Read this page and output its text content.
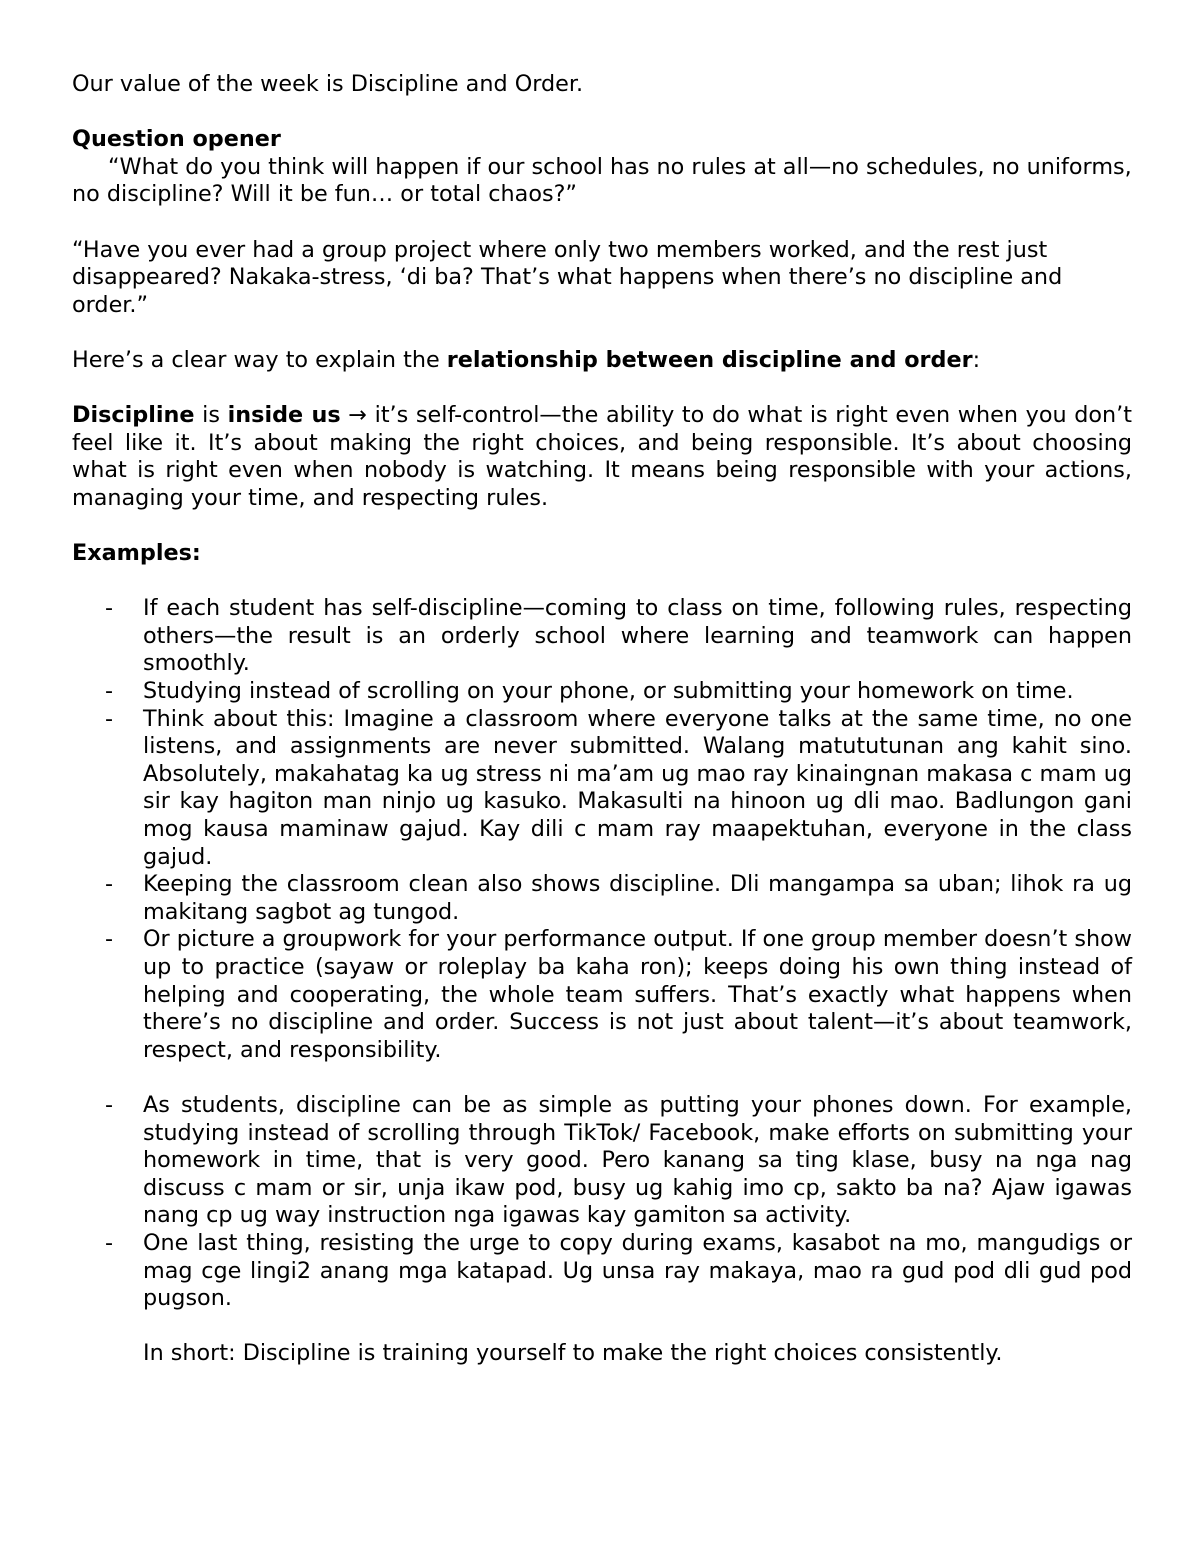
Our value of the week is Discipline and Order.

Question opener

“What do you think will happen if our school has no rules at all—no schedules, no uniforms, no discipline? Will it be fun… or total chaos?”

“Have you ever had a group project where only two members worked, and the rest just disappeared? Nakaka-stress, ‘di ba? That’s what happens when there’s no discipline and order.”

Here’s a clear way to explain the relationship between discipline and order:

Discipline is inside us → it’s self-control—the ability to do what is right even when you don’t feel like it. It’s about making the right choices, and being responsible. It’s about choosing what is right even when nobody is watching. It means being responsible with your actions, managing your time, and respecting rules.

Examples:

- If each student has self-discipline—coming to class on time, following rules, respecting others—the result is an orderly school where learning and teamwork can happen smoothly.
- Studying instead of scrolling on your phone, or submitting your homework on time.
- Think about this: Imagine a classroom where everyone talks at the same time, no one listens, and assignments are never submitted. Walang matututunan ang kahit sino. Absolutely, makahatag ka ug stress ni ma’am ug mao ray kinaingnan makasa c mam ug sir kay hagiton man ninjo ug kasuko. Makasulti na hinoon ug dli mao. Badlungon gani mog kausa maminaw gajud. Kay dili c mam ray maapektuhan, everyone in the class gajud.
- Keeping the classroom clean also shows discipline. Dli mangampa sa uban; lihok ra ug makitang sagbot ag tungod.
- Or picture a groupwork for your performance output. If one group member doesn’t show up to practice (sayaw or roleplay ba kaha ron); keeps doing his own thing instead of helping and cooperating, the whole team suffers. That’s exactly what happens when there’s no discipline and order. Success is not just about talent—it’s about teamwork, respect, and responsibility.
- As students, discipline can be as simple as putting your phones down. For example, studying instead of scrolling through TikTok/ Facebook, make efforts on submitting your homework in time, that is very good. Pero kanang sa ting klase, busy na nga nag discuss c mam or sir, unja ikaw pod, busy ug kahig imo cp, sakto ba na? Ajaw igawas nang cp ug way instruction nga igawas kay gamiton sa activity.
- One last thing, resisting the urge to copy during exams, kasabot na mo, mangudigs or mag cge lingi2 anang mga katapad. Ug unsa ray makaya, mao ra gud pod dli gud pod pugson.

In short: Discipline is training yourself to make the right choices consistently.
